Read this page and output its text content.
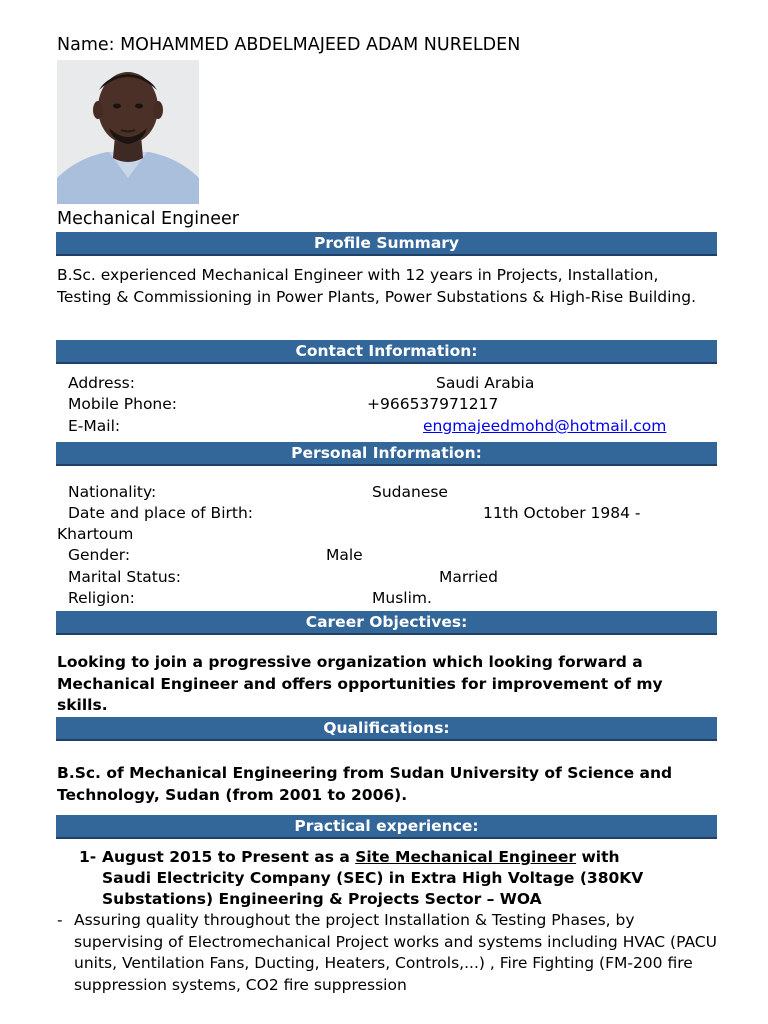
Name: MOHAMMED ABDELMAJEED ADAM NURELDEN
Mechanical Engineer
Profile Summary
B.Sc. experienced Mechanical Engineer with 12 years in Projects, Installation, Testing & Commissioning in Power Plants, Power Substations & High-Rise Building.
Contact Information:
Address:	Saudi Arabia
Mobile Phone:	+966537971217
E-Mail:	engmajeedmohd@hotmail.com
Personal Information:
Nationality:	Sudanese
Date and place of Birth:	11th October 1984 -
Khartoum
Gender:	Male
Marital Status:	Married
Religion:	Muslim.
Career Objectives:
Looking to join a progressive organization which looking forward a Mechanical Engineer and offers opportunities for improvement of my skills.
Qualifications:
B.Sc. of Mechanical Engineering from Sudan University of Science and Technology, Sudan (from 2001 to 2006).
Practical experience:
1- August 2015 to Present as a Site Mechanical Engineer with
Saudi Electricity Company (SEC) in Extra High Voltage (380KV
Substations) Engineering & Projects Sector – WOA
- Assuring quality throughout the project Installation & Testing Phases, by supervising of Electromechanical Project works and systems including HVAC (PACU units, Ventilation Fans, Ducting, Heaters, Controls,...) , Fire Fighting (FM-200 fire suppression systems, CO2 fire suppression
